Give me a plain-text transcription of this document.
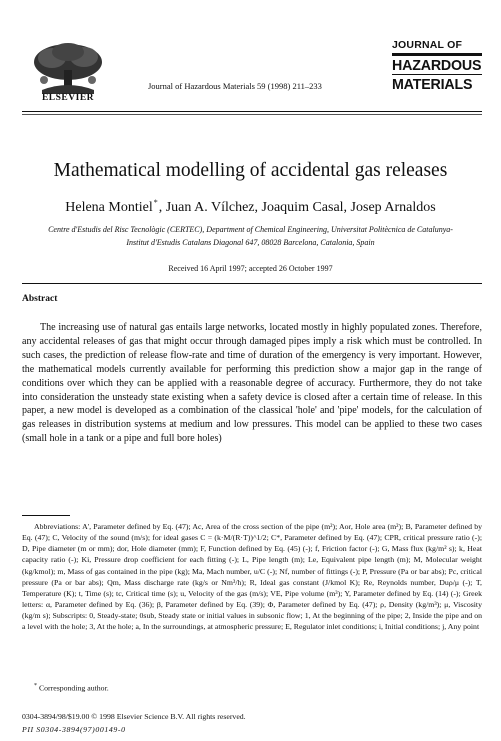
ELSEVIER
Journal of Hazardous Materials 59 (1998) 211–233
JOURNAL OF
HAZARDOUS
MATERIALS
Mathematical modelling of accidental gas releases
Helena Montiel*, Juan A. Vílchez, Joaquim Casal, Josep Arnaldos
Centre d'Estudis del Risc Tecnològic (CERTEC), Department of Chemical Engineering, Universitat Politècnica de Catalunya-Institut d'Estudis Catalans Diagonal 647, 08028 Barcelona, Catalonia, Spain
Received 16 April 1997; accepted 26 October 1997
Abstract
The increasing use of natural gas entails large networks, located mostly in highly populated zones. Therefore, any accidental releases of gas that might occur through damaged pipes imply a risk which must be controlled. In such cases, the prediction of release flow-rate and time of duration of the emergency is very important. However, the mathematical models currently available for performing this prediction show a major gap in the range of conditions over which they can be applied with a reasonable degree of accuracy. Furthermore, they do not take into consideration the unsteady state existing when a safety device is closed after a certain time of release. In this paper, a new model is developed as a combination of the classical 'hole' and 'pipe' models, for the calculation of gas releases in distribution systems at medium and low pressures. This model can be applied to these two cases (small hole in a tank or a pipe and full bore holes)
Abbreviations: A', Parameter defined by Eq. (47); Ac, Area of the cross section of the pipe (m²); Aor, Hole area (m²); B, Parameter defined by Eq. (47); C, Velocity of the sound (m/s); for ideal gases C = (k·M/(R·T))^1/2; C*, Parameter defined by Eq. (47); CPR, critical pressure ratio (-); D, Pipe diameter (m or mm); dor, Hole diameter (mm); F, Function defined by Eq. (45) (-); f, Friction factor (-); G, Mass flux (kg/m² s); k, Heat capacity ratio (-); Ki, Pressure drop coefficient for each fitting (-); L, Pipe length (m); Le, Equivalent pipe length (m); M, Molecular weight (kg/kmol); m, Mass of gas contained in the pipe (kg); Ma, Mach number, u/C (-); Nf, number of fittings (-); P, Pressure (Pa or bar abs); Pc, critical pressure (Pa or bar abs); Qm, Mass discharge rate (kg/s or Nm³/h); R, Ideal gas constant (J/kmol K); Re, Reynolds number, Duρ/μ (-); T, Temperature (K); t, Time (s); tc, Critical time (s); u, Velocity of the gas (m/s); VE, Pipe volume (m³); Y, Parameter defined by Eq. (14) (-); Greek letters: α, Parameter defined by Eq. (36); β, Parameter defined by Eq. (39); Φ, Parameter defined by Eq. (47); ρ, Density (kg/m³); μ, Viscosity (kg/m s); Subscripts: 0, Steady-state; 0sub, Steady state or initial values in subsonic flow; 1, At the beginning of the pipe; 2, Inside the pipe and on a level with the hole; 3, At the hole; a, In the surroundings, at atmospheric pressure; E, Regulator inlet conditions; i, Initial conditions; j, Any point
* Corresponding author.
0304-3894/98/$19.00 © 1998 Elsevier Science B.V. All rights reserved.
PII S0304-3894(97)00149-0
